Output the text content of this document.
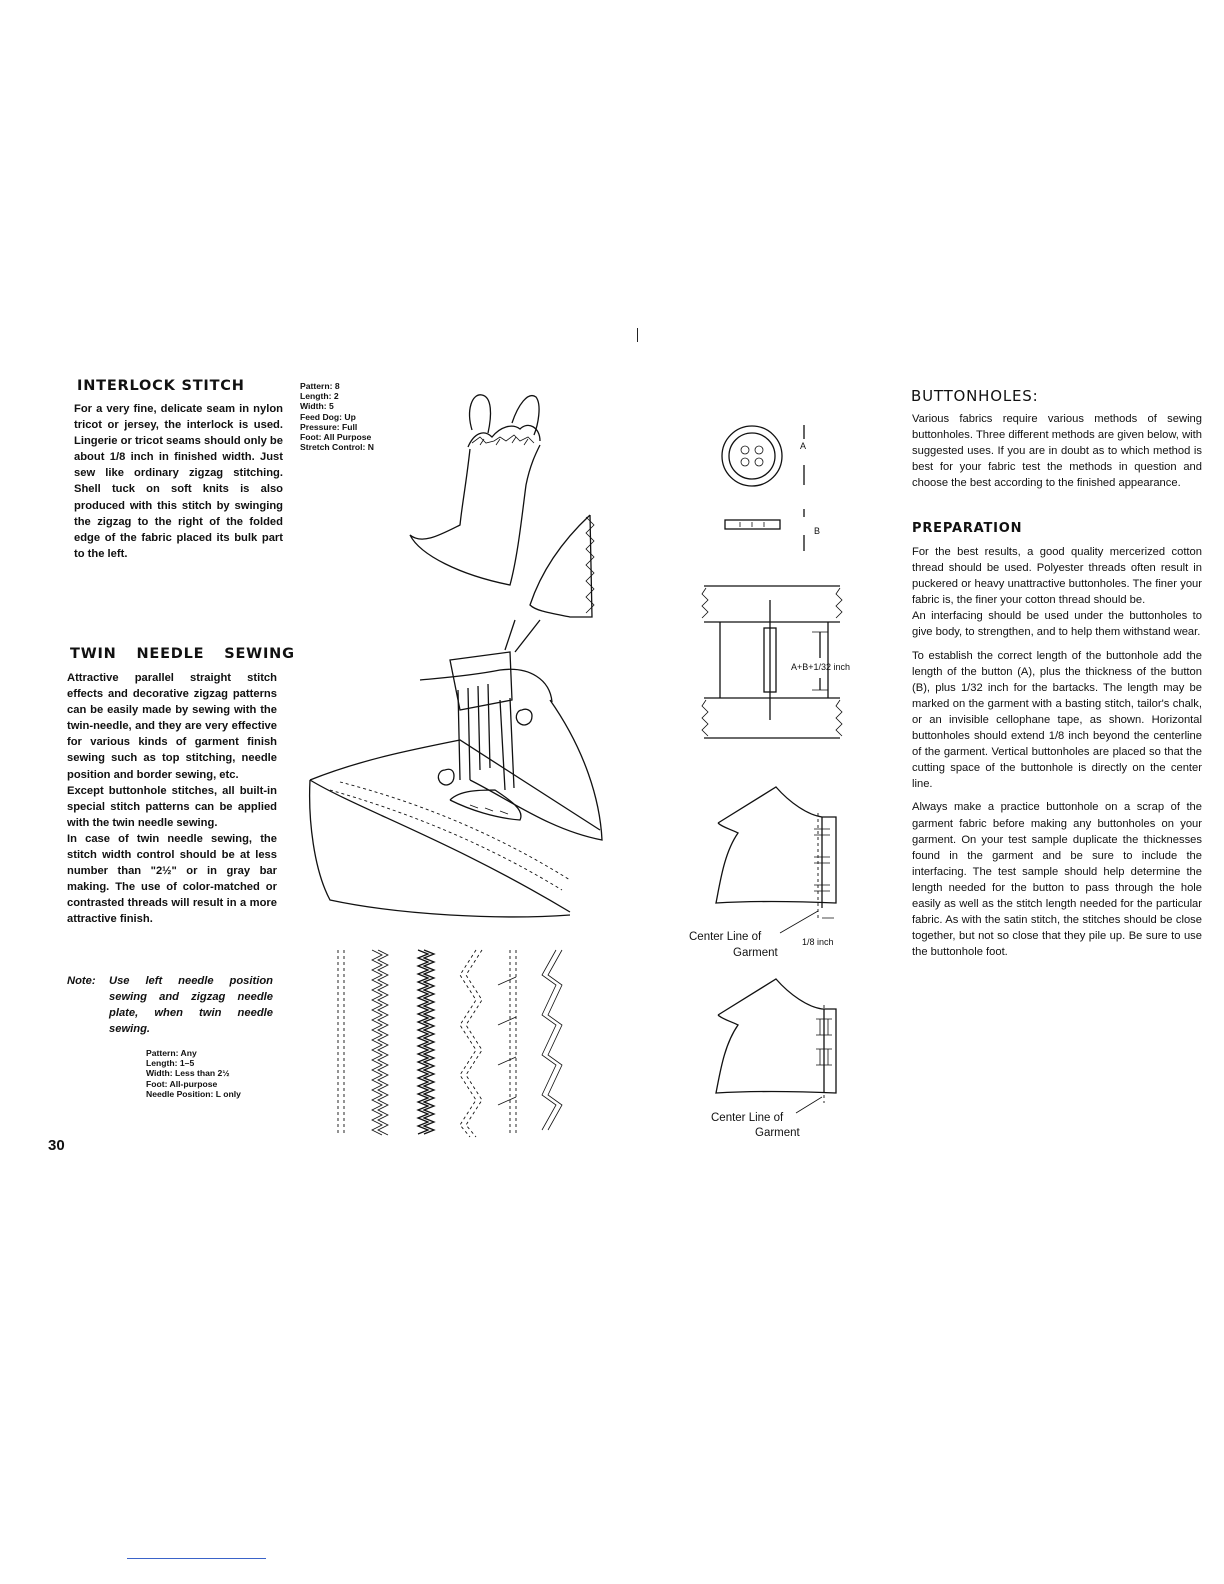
INTERLOCK STITCH

For a very fine, delicate seam in nylon tricot or jersey, the interlock is used. Lingerie or tricot seams should only be about 1/8 inch in finished width. Just sew like ordinary zigzag stitching. Shell tuck on soft knits is also produced with this stitch by swinging the zigzag to the right of the folded edge of the fabric placed its bulk part to the left.

Pattern: 8
Length: 2
Width: 5
Feed Dog: Up
Pressure: Full
Foot: All Purpose
Stretch Control: N
TWIN NEEDLE SEWING

Attractive parallel straight stitch effects and decorative zigzag patterns can be easily made by sewing with the twin-needle, and they are very effective for various kinds of garment finish sewing such as top stitching, needle position and border sewing, etc.

Except buttonhole stitches, all built-in special stitch patterns can be applied with the twin needle sewing.

In case of twin needle sewing, the stitch width control should be at less number than "2½" or in gray bar making. The use of color-matched or contrasted threads will result in a more attractive finish.

Note: Use left needle position sewing and zigzag needle plate, when twin needle sewing.
Pattern: Any
Length: 1–5
Width: Less than 2½
Foot: All-purpose
Needle Position: L only
30
A
B
A+B+1/32 inch
Center Line of
Garment
1/8 inch
Center Line of
Garment
BUTTONHOLES:

Various fabrics require various methods of sewing buttonholes. Three different methods are given below, with suggested uses. If you are in doubt as to which method is best for your fabric test the methods in question and choose the best according to the finished appearance.

PREPARATION

For the best results, a good quality mercerized cotton thread should be used. Polyester threads often result in puckered or heavy unattractive buttonholes. The finer your fabric is, the finer your cotton thread should be.

An interfacing should be used under the buttonholes to give body, to strengthen, and to help them withstand wear.

To establish the correct length of the buttonhole add the length of the button (A), plus the thickness of the button (B), plus 1/32 inch for the bartacks. The length may be marked on the garment with a basting stitch, tailor's chalk, or an invisible cellophane tape, as shown. Horizontal buttonholes should extend 1/8 inch beyond the centerline of the garment. Vertical buttonholes are placed so that the cutting space of the buttonhole is directly on the center line.

Always make a practice buttonhole on a scrap of the garment fabric before making any buttonholes on your garment. On your test sample duplicate the thicknesses found in the garment and be sure to include the interfacing. The test sample should help determine the length needed for the button to pass through the hole easily as well as the stitch length needed for the particular fabric. As with the satin stitch, the stitches should be close together, but not so close that they pile up. Be sure to use the buttonhole foot.
